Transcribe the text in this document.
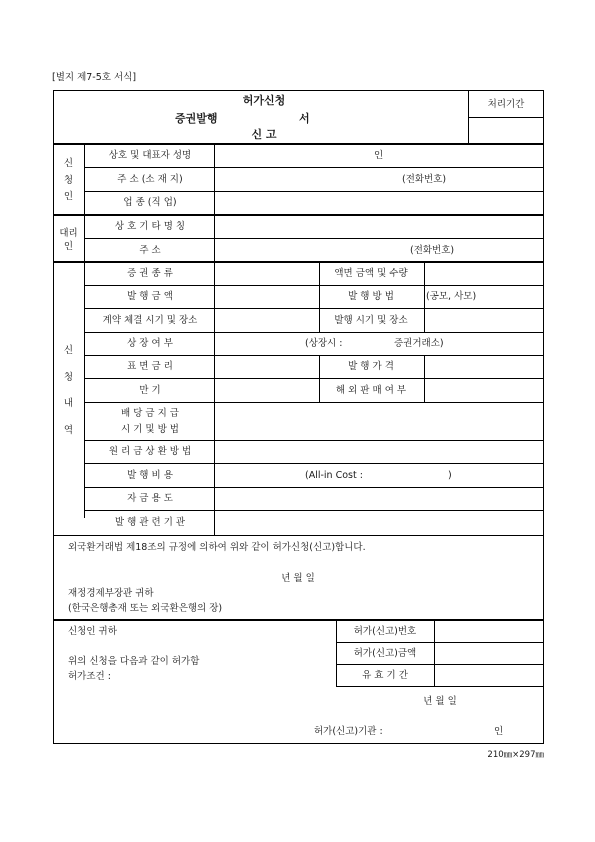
[별지 제7-5호 서식]
허가신청
증권발행	서
신 고
처리기간
신
청
인
상호 및 대표자 성명	인
주 소 (소 재 지)	(전화번호)
업 종 (직 업)
대리
인
상 호 기 타 명 칭
주 소	(전화번호)
신
청
내
역
증 권 종 류	액면 금액 및 수량
발 행 금 액	발 행 방 법	(공모, 사모)
계약 체결 시기 및 장소	발행 시기 및 장소
상 장 여 부	(상장시 :	증권거래소)
표 면 금 리	발 행 가 격
만 기	해 외 판 매 여 부
배 당 금 지 급
시 기 및 방 법
원 리 금 상 환 방 법
발 행 비 용	(All-in Cost :	)
자 금 용 도
발 행 관 련 기 관
외국환거래법 제18조의 규정에 의하여 위와 같이 허가신청(신고)합니다.
년 월 일
재정경제부장관 귀하
(한국은행총재 또는 외국환은행의 장)
신청인 귀하
위의 신청을 다음과 같이 허가함
허가조건 :
허가(신고)번호
허가(신고)금액
유 효 기 간
년 월 일
허가(신고)기관 :	인
210㎜×297㎜
